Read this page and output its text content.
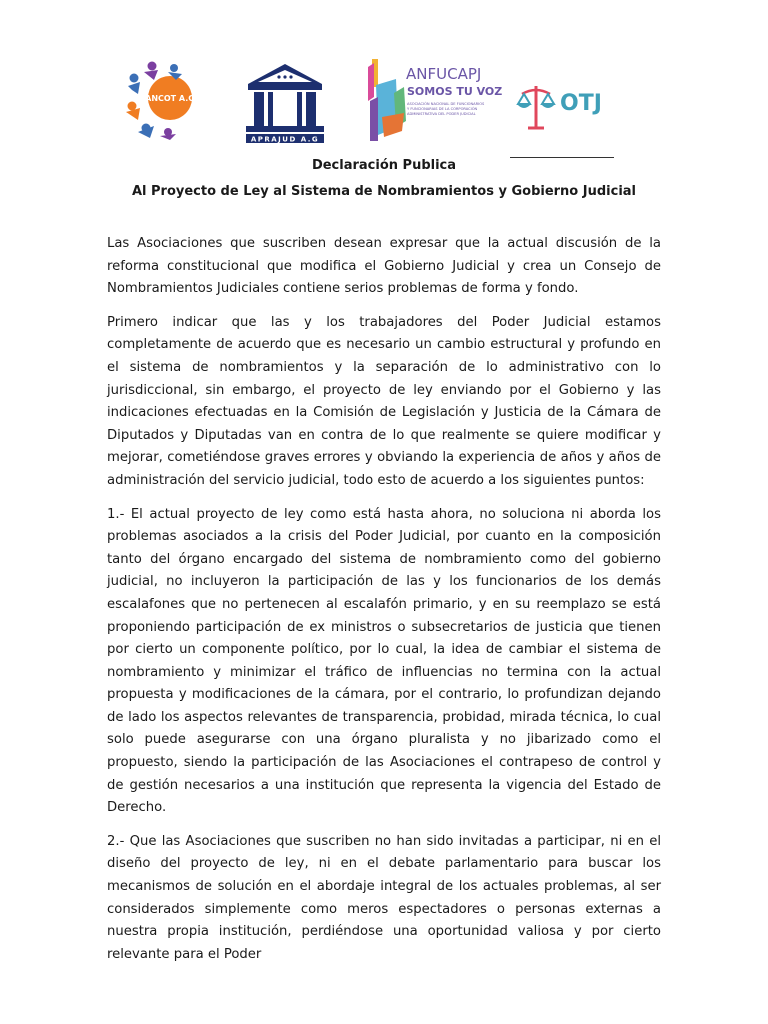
ANCOT A.G
APRAJUD A.G
ANFUCAPJ
SOMOS TU VOZ
ASOCIACIÓN NACIONAL DE FUNCIONARIOS
Y FUNCIONARIAS DE LA CORPORACIÓN
ADMINISTRATIVA DEL PODER JUDICIAL	OTJ
Declaración Publica
Al Proyecto de Ley al Sistema de Nombramientos y Gobierno Judicial

Las Asociaciones que suscriben desean expresar que la actual discusión de la reforma constitucional que modifica el Gobierno Judicial y crea un Consejo de Nombramientos Judiciales contiene serios problemas de forma y fondo.

Primero indicar que las y los trabajadores del Poder Judicial estamos completamente de acuerdo que es necesario un cambio estructural y profundo en el sistema de nombramientos y la separación de lo administrativo con lo jurisdiccional, sin embargo, el proyecto de ley enviando por el Gobierno y las indicaciones efectuadas en la Comisión de Legislación y Justicia de la Cámara de Diputados y Diputadas van en contra de lo que realmente se quiere modificar y mejorar, cometiéndose graves errores y obviando la experiencia de años y años de administración del servicio judicial, todo esto de acuerdo a los siguientes puntos:

1.- El actual proyecto de ley como está hasta ahora, no soluciona ni aborda los problemas asociados a la crisis del Poder Judicial, por cuanto en la composición tanto del órgano encargado del sistema de nombramiento como del gobierno judicial, no incluyeron la participación de las y los funcionarios de los demás escalafones que no pertenecen al escalafón primario, y en su reemplazo se está proponiendo participación de ex ministros o subsecretarios de justicia que tienen por cierto un componente político, por lo cual, la idea de cambiar el sistema de nombramiento y minimizar el tráfico de influencias no termina con la actual propuesta y modificaciones de la cámara, por el contrario, lo profundizan dejando de lado los aspectos relevantes de transparencia, probidad, mirada técnica, lo cual solo puede asegurarse con una órgano pluralista y no jibarizado como el propuesto, siendo la participación de las Asociaciones el contrapeso de control y de gestión necesarios a una institución que representa la vigencia del Estado de Derecho.

2.- Que las Asociaciones que suscriben no han sido invitadas a participar, ni en el diseño del proyecto de ley, ni en el debate parlamentario para buscar los mecanismos de solución en el abordaje integral de los actuales problemas, al ser considerados simplemente como meros espectadores o personas externas a nuestra propia institución, perdiéndose una oportunidad valiosa y por cierto relevante para el Poder
